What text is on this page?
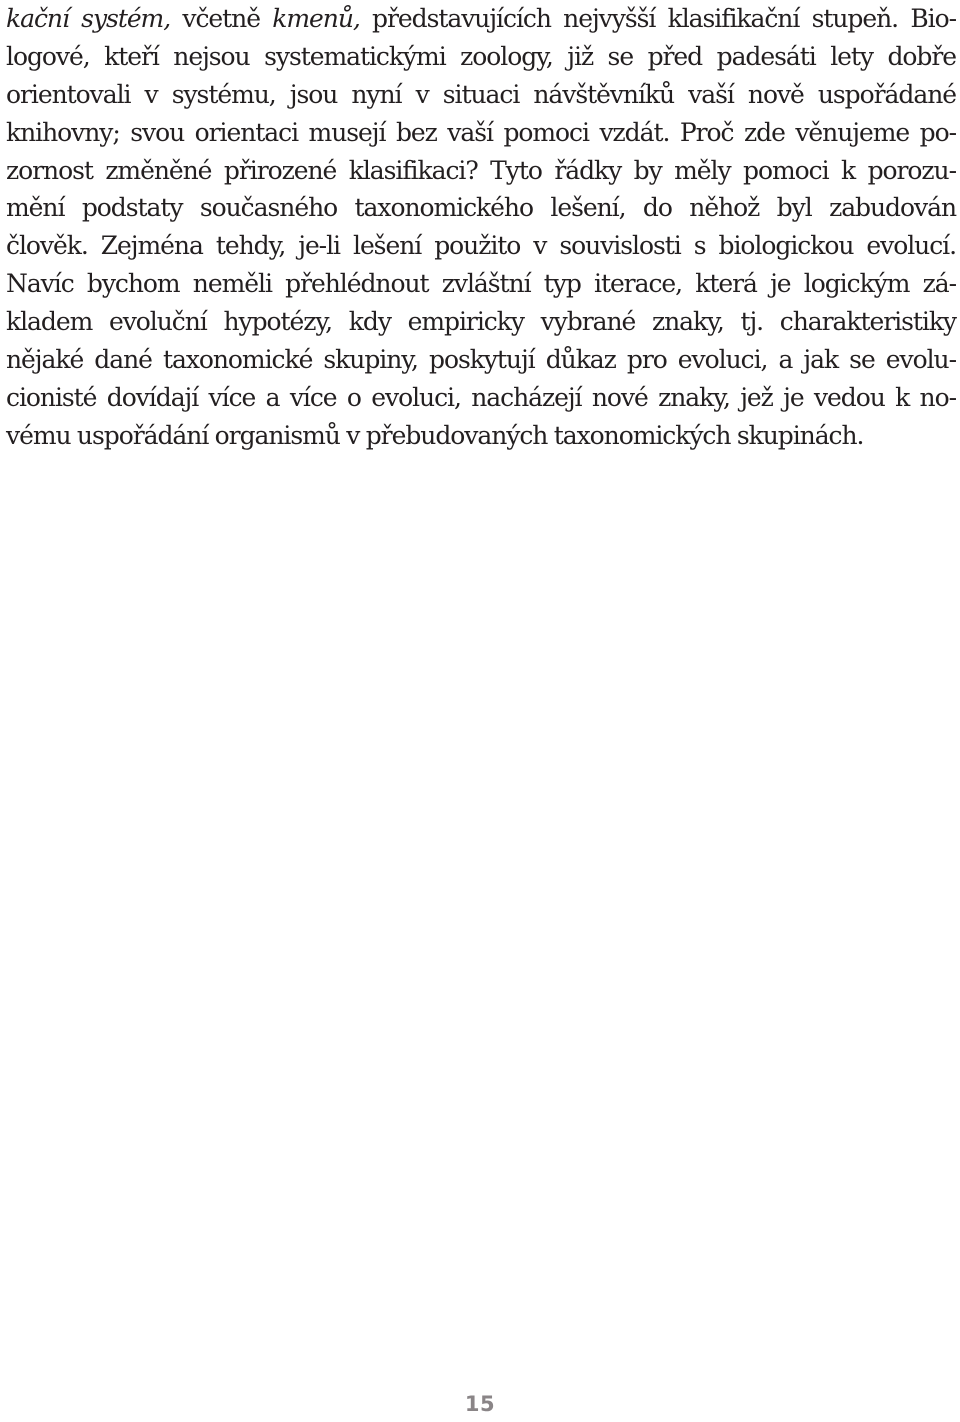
kační systém, včetně kmenů, představujících nejvyšší klasifikační stupeň. Bio-
logové, kteří nejsou systematickými zoology, již se před padesáti lety dobře
orientovali v systému, jsou nyní v situaci návštěvníků vaší nově uspořádané
knihovny; svou orientaci musejí bez vaší pomoci vzdát. Proč zde věnujeme po-
zornost změněné přirozené klasifikaci? Tyto řádky by měly pomoci k porozu-
mění podstaty současného taxonomického lešení, do něhož byl zabudován
člověk. Zejména tehdy, je-li lešení použito v souvislosti s biologickou evolucí.
Navíc bychom neměli přehlédnout zvláštní typ iterace, která je logickým zá-
kladem evoluční hypotézy, kdy empiricky vybrané znaky, tj. charakteristiky
nějaké dané taxonomické skupiny, poskytují důkaz pro evoluci, a jak se evolu-
cionisté dovídají více a více o evoluci, nacházejí nové znaky, jež je vedou k no-
vému uspořádání organismů v přebudovaných taxonomických skupinách.
15
